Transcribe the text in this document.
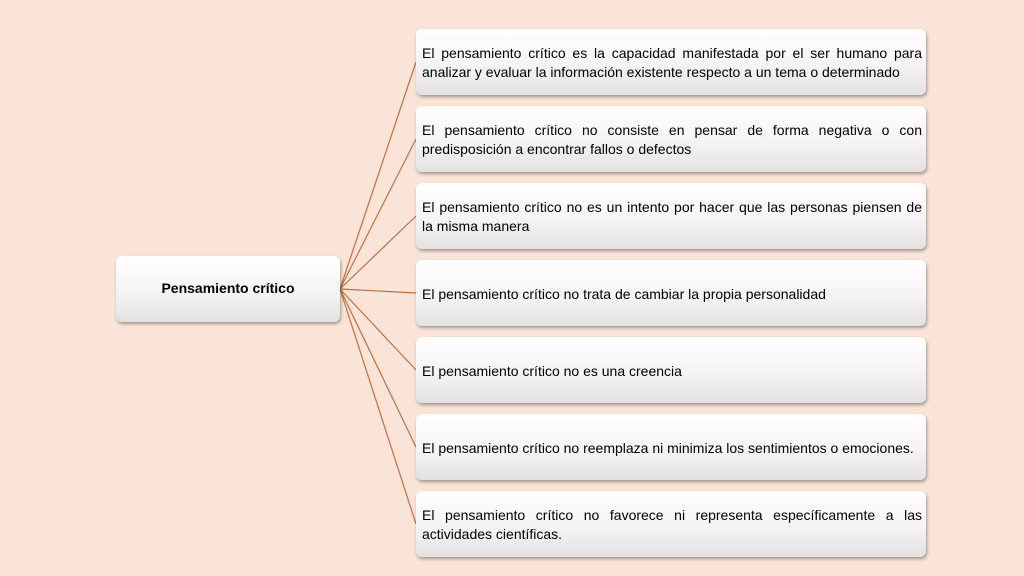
Pensamiento crítico
El pensamiento crítico es la capacidad manifestada por el ser humano para analizar y evaluar la información existente respecto a un tema o determinado
El pensamiento crítico no consiste en pensar de forma negativa o con predisposición a encontrar fallos o defectos
El pensamiento crítico no es un intento por hacer que las personas piensen de la misma manera
El pensamiento crítico no trata de cambiar la propia personalidad
El pensamiento crítico no es una creencia
El pensamiento crítico no reemplaza ni minimiza los sentimientos o emociones.
El pensamiento crítico no favorece ni representa específicamente a las actividades científicas.
